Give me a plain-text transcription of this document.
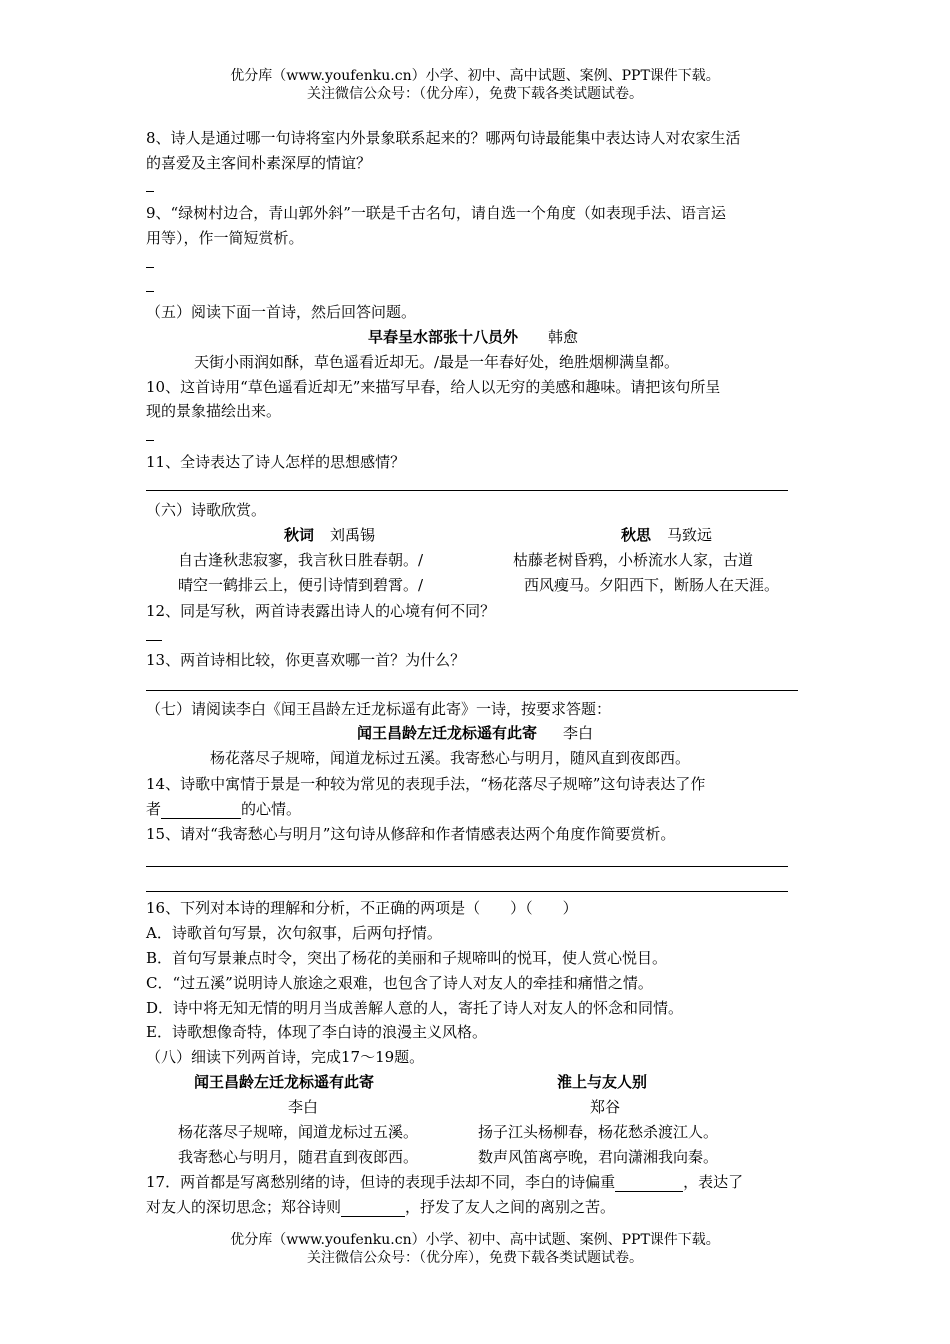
优分库（www.youfenku.cn）小学、初中、高中试题、案例、PPT课件下载。
关注微信公众号：（优分库），免费下载各类试题试卷。
8、诗人是通过哪一句诗将室内外景象联系起来的？哪两句诗最能集中表达诗人对农家生活
的喜爱及主客间朴素深厚的情谊？
9、“绿树村边合，青山郭外斜”一联是千古名句，请自选一个角度（如表现手法、语言运
用等），作一简短赏析。
（五）阅读下面一首诗，然后回答问题。
早春呈水部张十八员外 韩愈
天街小雨润如酥，草色遥看近却无。/最是一年春好处，绝胜烟柳满皇都。
10、这首诗用“草色遥看近却无”来描写早春，给人以无穷的美感和趣味。请把该句所呈
现的景象描绘出来。
11、全诗表达了诗人怎样的思想感情？
（六）诗歌欣赏。
秋词 刘禹锡	秋思 马致远
自古逢秋悲寂寥，我言秋日胜春朝。/	枯藤老树昏鸦，小桥流水人家，古道
晴空一鹤排云上，便引诗情到碧霄。/	西风瘦马。夕阳西下，断肠人在天涯。
12、同是写秋，两首诗表露出诗人的心境有何不同？
13、两首诗相比较，你更喜欢哪一首？为什么？
（七）请阅读李白《闻王昌龄左迁龙标遥有此寄》一诗，按要求答题：
闻王昌龄左迁龙标遥有此寄 李白
杨花落尽子规啼，闻道龙标过五溪。我寄愁心与明月，随风直到夜郎西。
14、诗歌中寓情于景是一种较为常见的表现手法，“杨花落尽子规啼”这句诗表达了作
者	的心情。
15、请对“我寄愁心与明月”这句诗从修辞和作者情感表达两个角度作简要赏析。
16、下列对本诗的理解和分析，不正确的两项是（　　）（　　）
A．诗歌首句写景，次句叙事，后两句抒情。
B．首句写景兼点时令，突出了杨花的美丽和子规啼叫的悦耳，使人赏心悦目。
C．“过五溪”说明诗人旅途之艰难，也包含了诗人对友人的牵挂和痛惜之情。
D．诗中将无知无情的明月当成善解人意的人，寄托了诗人对友人的怀念和同情。
E．诗歌想像奇特，体现了李白诗的浪漫主义风格。
（八）细读下列两首诗，完成17～19题。
闻王昌龄左迁龙标遥有此寄	淮上与友人别
李白	郑谷
杨花落尽子规啼，闻道龙标过五溪。	扬子江头杨柳春，杨花愁杀渡江人。
我寄愁心与明月，随君直到夜郎西。	数声风笛离亭晚，君向潇湘我向秦。
17．两首都是写离愁别绪的诗，但诗的表现手法却不同，李白的诗偏重	，表达了
对友人的深切思念；郑谷诗则	，抒发了友人之间的离别之苦。
优分库（www.youfenku.cn）小学、初中、高中试题、案例、PPT课件下载。
关注微信公众号：（优分库），免费下载各类试题试卷。
